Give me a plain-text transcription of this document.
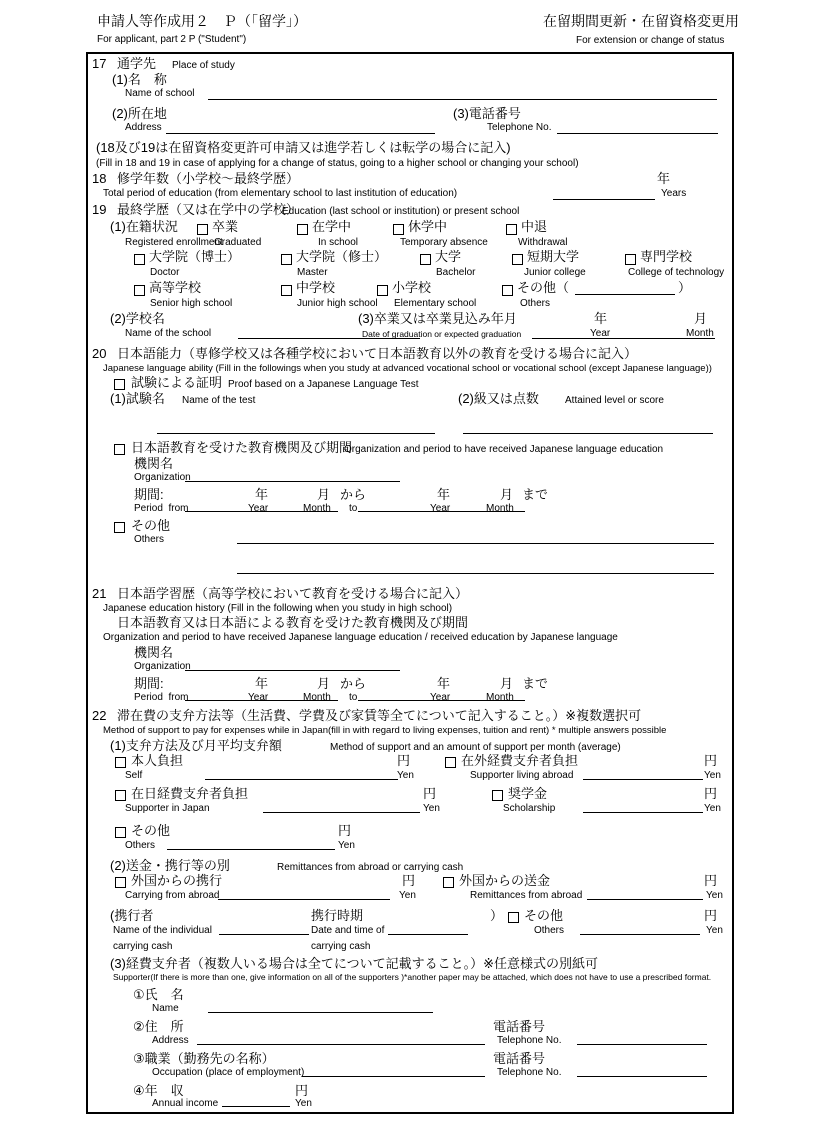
申請人等作成用２　Ｐ（「留学」）
For applicant, part 2 P ("Student")
在留期間更新・在留資格変更用
For extension or change of status
17 通学先 Place of study
(1)名　称
Name of school
(2)所在地
Address
(3)電話番号
Telephone No.
(18及び19は在留資格変更許可申請又は進学若しくは転学の場合に記入)
(Fill in 18 and 19 in case of applying for a change of status, going to a higher school or changing your school)
18 修学年数（小学校～最終学歴）	年
Total period of education (from elementary school to last institution of education)	Years
19 最終学歴（又は在学中の学校）
Education (last school or institution) or present school
(1)在籍状況
Registered enrollment
卒業
Graduated
在学中
In school
休学中
Temporary absence
中退
Withdrawal
大学院（博士）
Doctor
大学院（修士）
Master
大学
Bachelor
短期大学
Junior college
専門学校
College of technology
高等学校
Senior high school
中学校
Junior high school
小学校
Elementary school
その他（
Others
）
(2)学校名
Name of the school
(3)卒業又は卒業見込み年月
Date of graduation or expected graduation
年
Year
月
Month
20 日本語能力（専修学校又は各種学校において日本語教育以外の教育を受ける場合に記入）
Japanese language ability (Fill in the followings when you study at advanced vocational school or vocational school (except Japanese language))
試験による証明 Proof based on a Japanese Language Test
(1)試験名 Name of the test	(2)級又は点数	Attained level or score
日本語教育を受けた教育機関及び期間
Organization and period to have received Japanese language education
機関名
Organization
期間:	年	月 から	年	月 まで
Period  from	Year	Month to	Year	Month
その他
Others
21 日本語学習歴（高等学校において教育を受ける場合に記入）
Japanese education history (Fill in the following when you study in high school)
日本語教育又は日本語による教育を受けた教育機関及び期間
Organization and period to have received Japanese language education / received education by Japanese language
機関名
Organization
期間:	年	月 から	年	月 まで
Period  from	Year	Month to	Year	Month
22 滞在費の支弁方法等（生活費、学費及び家賃等全てについて記入すること。）※複数選択可
Method of support to pay for expenses while in Japan(fill in with regard to living expenses, tuition and rent) * multiple answers possible
(1)支弁方法及び月平均支弁額	Method of support and an amount of support per month (average)
本人負担	円
Self	Yen
在外経費支弁者負担	円
Supporter living abroad	Yen
在日経費支弁者負担	円
Supporter in Japan	Yen
奨学金	円
Scholarship	Yen
その他	円
Others	Yen
(2)送金・携行等の別	Remittances from abroad or carrying cash
外国からの携行	円
Carrying from abroad	Yen
外国からの送金	円
Remittances from abroad	Yen
(携行者
Name of the individual
carrying cash
携行時期
Date and time of
carrying cash
） その他	円
Others	Yen
(3)経費支弁者（複数人いる場合は全てについて記載すること。）※任意様式の別紙可
Supporter(If there is more than one, give information on all of the supporters )*another paper may be attached, which does not have to use a prescribed format.
①氏　名
Name
②住　所	電話番号
Address	Telephone No.
③職業（勤務先の名称）	電話番号
Occupation (place of employment)	Telephone No.
④年　収	円
Annual income	Yen
